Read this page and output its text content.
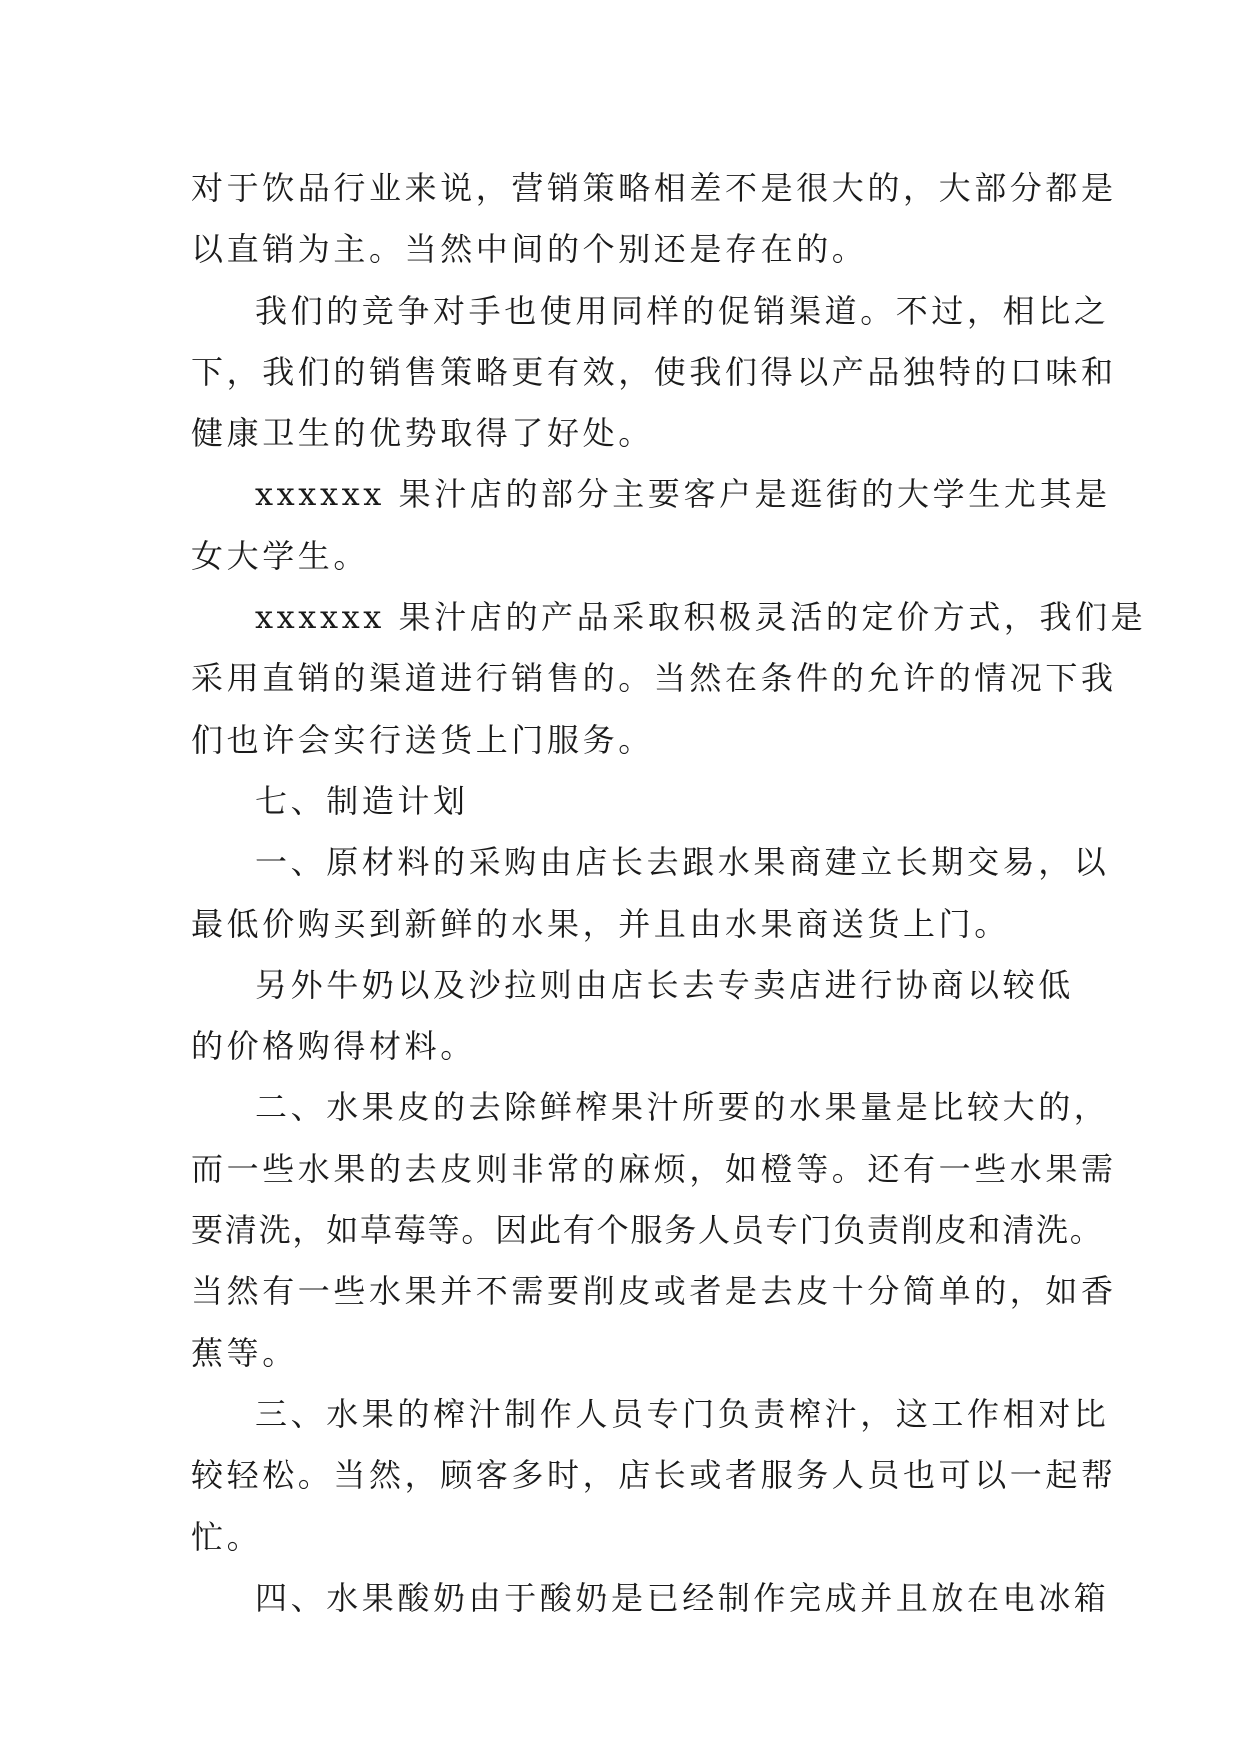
对于饮品行业来说，营销策略相差不是很大的，大部分都是
以直销为主。当然中间的个别还是存在的。
我们的竞争对手也使用同样的促销渠道。不过，相比之
下，我们的销售策略更有效，使我们得以产品独特的口味和
健康卫生的优势取得了好处。
xxxxxx 果汁店的部分主要客户是逛街的大学生尤其是
女大学生。
xxxxxx 果汁店的产品采取积极灵活的定价方式，我们是
采用直销的渠道进行销售的。当然在条件的允许的情况下我
们也许会实行送货上门服务。
七、制造计划
一、原材料的采购由店长去跟水果商建立长期交易，以
最低价购买到新鲜的水果，并且由水果商送货上门。
另外牛奶以及沙拉则由店长去专卖店进行协商以较低
的价格购得材料。
二、水果皮的去除鲜榨果汁所要的水果量是比较大的，
而一些水果的去皮则非常的麻烦，如橙等。还有一些水果需
要清洗，如草莓等。因此有个服务人员专门负责削皮和清洗。
当然有一些水果并不需要削皮或者是去皮十分简单的，如香
蕉等。
三、水果的榨汁制作人员专门负责榨汁，这工作相对比
较轻松。当然，顾客多时，店长或者服务人员也可以一起帮
忙。
四、水果酸奶由于酸奶是已经制作完成并且放在电冰箱
